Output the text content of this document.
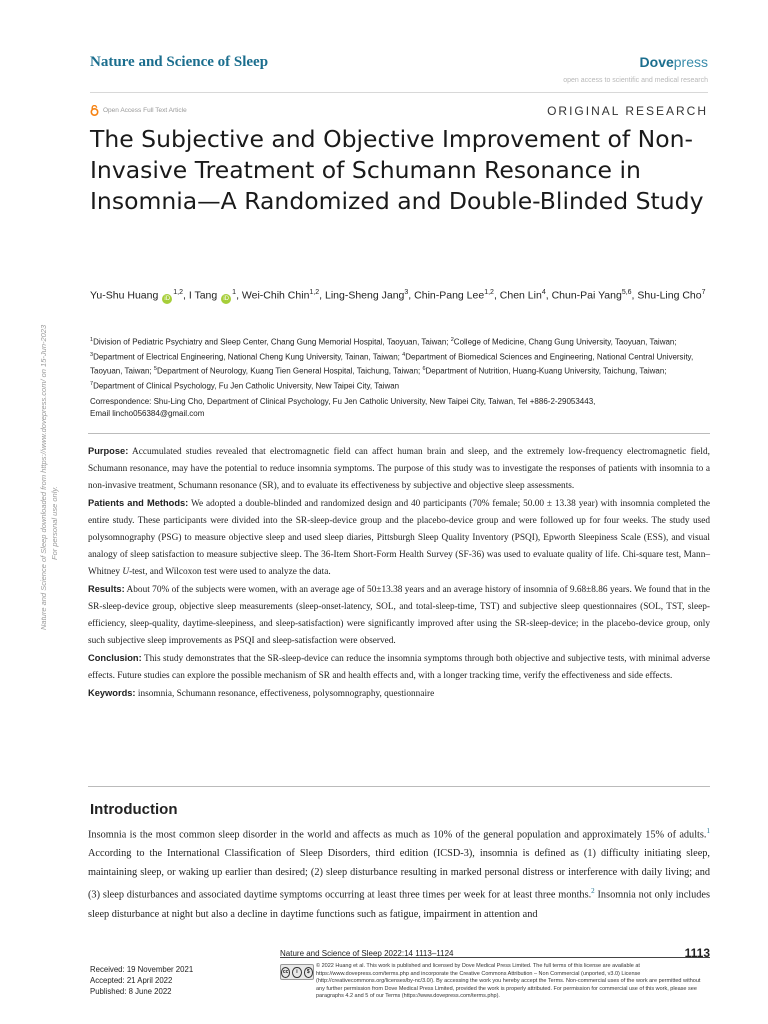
Nature and Science of Sleep	Dovepress
open access to scientific and medical research
Open Access Full Text Article	ORIGINAL RESEARCH
The Subjective and Objective Improvement of Non-Invasive Treatment of Schumann Resonance in Insomnia—A Randomized and Double-Blinded Study
Yu-Shu Huang iD$^{1,2}$, I Tang $iD^1$, Wei-Chih Chin$^{1,2}$, Ling-Sheng Jang$^3$, Chin-Pang Lee$^{1,2}$, Chen Lin$^4$, Chun-Pai Yang$^{5,6}$, Shu-Ling Cho$^7$
$^1$Division of Pediatric Psychiatry and Sleep Center, Chang Gung Memorial Hospital, Taoyuan, Taiwan; $^2$College of Medicine, Chang Gung University, Taoyuan, Taiwan; $^3$Department of Electrical Engineering, National Cheng Kung University, Tainan, Taiwan; $^4$Department of Biomedical Sciences and Engineering, National Central University, Taoyuan, Taiwan; $^5$Department of Neurology, Kuang Tien General Hospital, Taichung, Taiwan; $^6$Department of Nutrition, Huang-Kuang University, Taichung, Taiwan; $^7$Department of Clinical Psychology, Fu Jen Catholic University, New Taipei City, Taiwan
Correspondence: Shu-Ling Cho, Department of Clinical Psychology, Fu Jen Catholic University, New Taipei City, Taiwan, Tel +886-2-29053443,
Email lincho056384@gmail.com

Purpose: Accumulated studies revealed that electromagnetic field can affect human brain and sleep, and the extremely low-frequency electromagnetic field, Schumann resonance, may have the potential to reduce insomnia symptoms. The purpose of this study was to investigate the responses of patients with insomnia to a non-invasive treatment, Schumann resonance (SR), and to evaluate its effectiveness by subjective and objective sleep assessments.

Patients and Methods: We adopted a double-blinded and randomized design and 40 participants (70% female; 50.00 ± 13.38 year) with insomnia completed the entire study. These participants were divided into the SR-sleep-device group and the placebo-device group and were followed up for four weeks. The study used polysomnography (PSG) to measure objective sleep and used sleep diaries, Pittsburgh Sleep Quality Inventory (PSQI), Epworth Sleepiness Scale (ESS), and visual analogy of sleep satisfaction to measure subjective sleep. The 36-Item Short-Form Health Survey (SF-36) was used to evaluate quality of life. Chi-square test, Mann–Whitney U-test, and Wilcoxon test were used to analyze the data.

Results: About 70% of the subjects were women, with an average age of 50±13.38 years and an average history of insomnia of 9.68±8.86 years. We found that in the SR-sleep-device group, objective sleep measurements (sleep-onset-latency, SOL, and total-sleep-time, TST) and subjective sleep questionnaires (SOL, TST, sleep-efficiency, sleep-quality, daytime-sleepiness, and sleep-satisfaction) were significantly improved after using the SR-sleep-device; in the placebo-device group, only such subjective sleep improvements as PSQI and sleep-satisfaction were observed.

Conclusion: This study demonstrates that the SR-sleep-device can reduce the insomnia symptoms through both objective and subjective tests, with minimal adverse effects. Future studies can explore the possible mechanism of SR and health effects and, with a longer tracking time, verify the effectiveness and side effects.

Keywords: insomnia, Schumann resonance, effectiveness, polysomnography, questionnaire

Introduction

Insomnia is the most common sleep disorder in the world and affects as much as 10% of the general population and approximately 15% of adults.$^1$ According to the International Classification of Sleep Disorders, third edition (ICSD-3), insomnia is defined as (1) difficulty initiating sleep, maintaining sleep, or waking up earlier than desired; (2) sleep disturbance resulting in marked personal distress or interference with daily living; and (3) sleep disturbances and associated daytime symptoms occurring at least three times per week for at least three months.$^2$ Insomnia not only includes sleep disturbance at night but also a decline in daytime functions such as fatigue, impairment in attention and

Nature and Science of Sleep downloaded from https://www.dovepress.com/ on 15-Jun-2023 For personal use only.
Nature and Science of Sleep 2022:14 1113–1124	1113
Received: 19 November 2021
Accepted: 21 April 2022
Published: 8 June 2022
cc	i	$
© 2022 Huang et al. This work is published and licensed by Dove Medical Press Limited. The full terms of this license are available at https://www.dovepress.com/terms.php and incorporate the Creative Commons Attribution – Non Commercial (unported, v3.0) License (http://creativecommons.org/licenses/by-nc/3.0/). By accessing the work you hereby accept the Terms. Non-commercial uses of the work are permitted without any further permission from Dove Medical Press Limited, provided the work is properly attributed. For permission for commercial use of this work, please see paragraphs 4.2 and 5 of our Terms (https://www.dovepress.com/terms.php).
